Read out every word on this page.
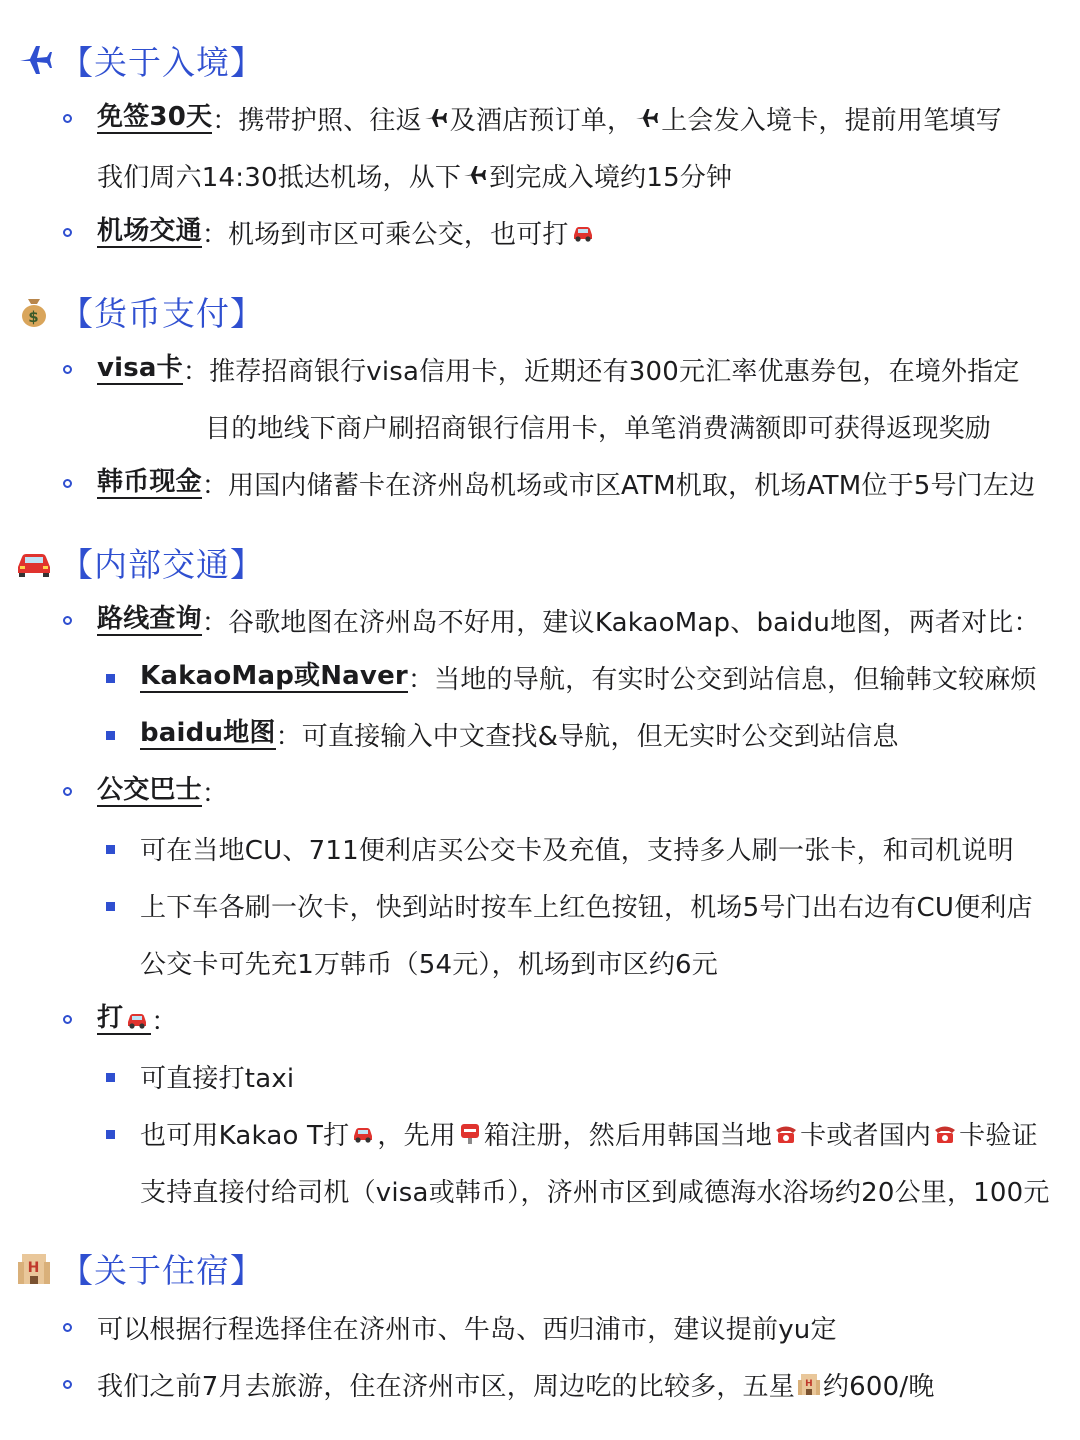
【关于入境】
免签30天 ： 携带护照、往返 及酒店预订单， 上会发入境卡，提前用笔填写
我们周六14:30抵达机场，从下 到完成入境约15分钟
机场交通 ： 机场到市区可乘公交，也可打
$ 【货币支付】
visa卡 ： 推荐招商银行visa信用卡，近期还有300元汇率优惠券包，在境外指定
目的地线下商户刷招商银行信用卡，单笔消费满额即可获得返现奖励
韩币现金 ： 用国内储蓄卡在济州岛机场或市区ATM机取，机场ATM位于5号门左边
【内部交通】
路线查询 ： 谷歌地图在济州岛不好用，建议KakaoMap、baidu地图，两者对比：
KakaoMap或Naver ： 当地的导航，有实时公交到站信息，但输韩文较麻烦
baidu地图 ： 可直接输入中文查找&导航，但无实时公交到站信息
公交巴士 ：
可在当地CU、711便利店买公交卡及充值，支持多人刷一张卡，和司机说明
上下车各刷一次卡，快到站时按车上红色按钮，机场5号门出右边有CU便利店
公交卡可先充1万韩币（54元），机场到市区约6元
打	：
可直接打taxi
也可用Kakao T打 ，先用 箱注册，然后用韩国当地 卡或者国内 卡验证
支持直接付给司机（visa或韩币），济州市区到咸德海水浴场约20公里，100元
H 【关于住宿】
可以根据行程选择住在济州市、牛岛、西归浦市，建议提前yu定
我们之前7月去旅游，住在济州市区，周边吃的比较多，五星 H 约600/晚
